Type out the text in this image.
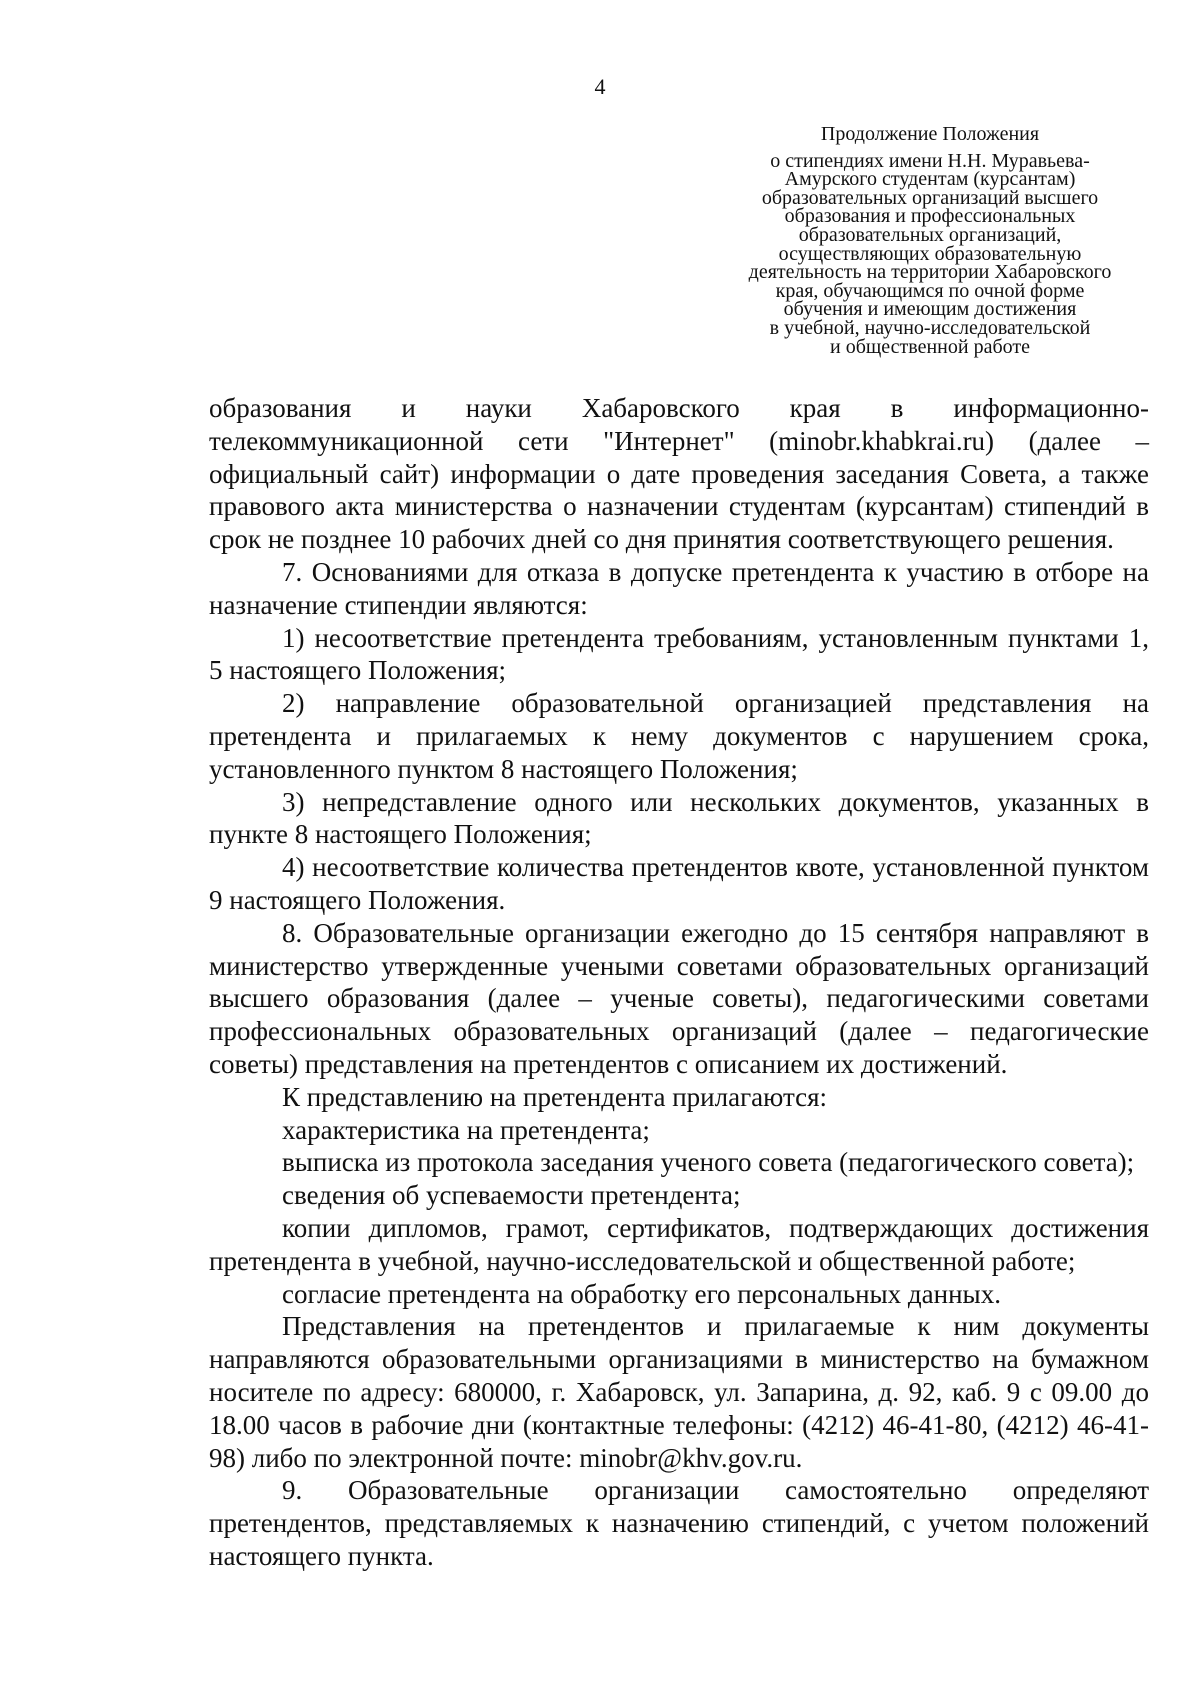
4
Продолжение Положения
о стипендиях имени Н.Н. Муравьева-
Амурского студентам (курсантам)
образовательных организаций высшего
образования и профессиональных
образовательных организаций,
осуществляющих образовательную
деятельность на территории Хабаровского
края, обучающимся по очной форме
обучения и имеющим достижения
в учебной, научно-исследовательской
и общественной работе

образования и науки Хабаровского края в информационно-телекоммуникационной сети "Интернет" (minobr.khabkrai.ru) (далее – официальный сайт) информации о дате проведения заседания Совета, а также правового акта министерства о назначении студентам (курсантам) стипендий в срок не позднее 10 рабочих дней со дня принятия соответствующего решения.

7. Основаниями для отказа в допуске претендента к участию в отборе на назначение стипендии являются:

1) несоответствие претендента требованиям, установленным пунктами 1, 5 настоящего Положения;

2) направление образовательной организацией представления на претендента и прилагаемых к нему документов с нарушением срока, установленного пунктом 8 настоящего Положения;

3) непредставление одного или нескольких документов, указанных в пункте 8 настоящего Положения;

4) несоответствие количества претендентов квоте, установленной пунктом 9 настоящего Положения.

8. Образовательные организации ежегодно до 15 сентября направляют в министерство утвержденные учеными советами образовательных организаций высшего образования (далее – ученые советы), педагогическими советами профессиональных образовательных организаций (далее – педагогические советы) представления на претендентов с описанием их достижений.

К представлению на претендента прилагаются:

характеристика на претендента;

выписка из протокола заседания ученого совета (педагогического совета);

сведения об успеваемости претендента;

копии дипломов, грамот, сертификатов, подтверждающих достижения претендента в учебной, научно-исследовательской и общественной работе;

согласие претендента на обработку его персональных данных.

Представления на претендентов и прилагаемые к ним документы направляются образовательными организациями в министерство на бумажном носителе по адресу: 680000, г. Хабаровск, ул. Запарина, д. 92, каб. 9 с 09.00 до 18.00 часов в рабочие дни (контактные телефоны: (4212) 46-41-80, (4212) 46-41-98) либо по электронной почте: minobr@khv.gov.ru.

9. Образовательные организации самостоятельно определяют претендентов, представляемых к назначению стипендий, с учетом положений настоящего пункта.
